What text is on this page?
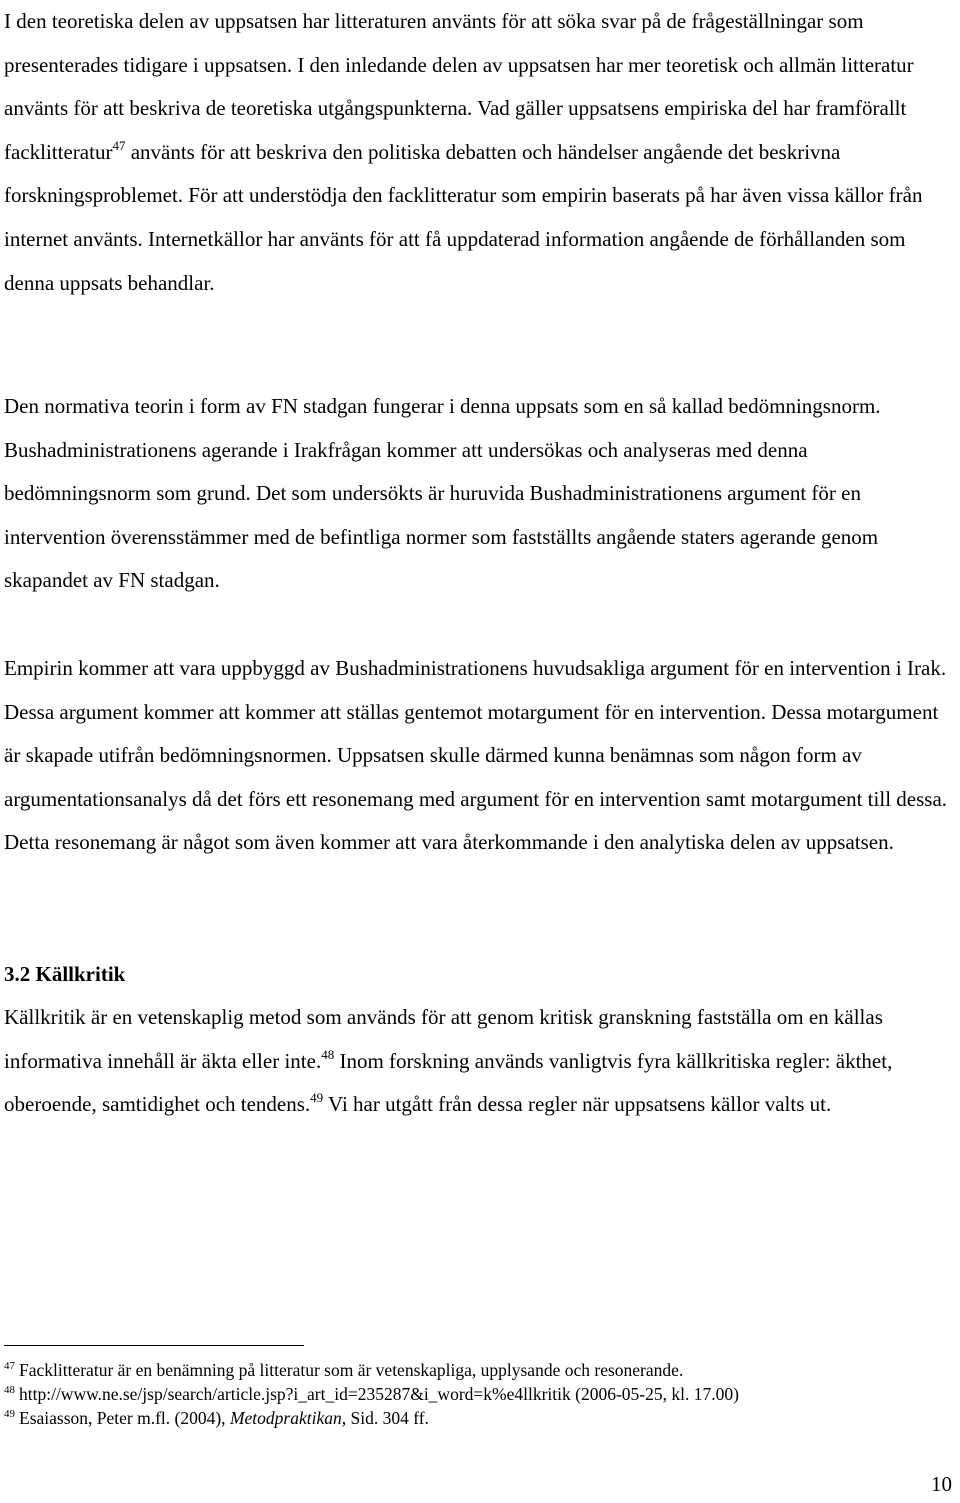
I den teoretiska delen av uppsatsen har litteraturen använts för att söka svar på de frågeställningar som presenterades tidigare i uppsatsen. I den inledande delen av uppsatsen har mer teoretisk och allmän litteratur använts för att beskriva de teoretiska utgångspunkterna. Vad gäller uppsatsens empiriska del har framförallt facklitteratur$^{47}$ använts för att beskriva den politiska debatten och händelser angående det beskrivna forskningsproblemet. För att understödja den facklitteratur som empirin baserats på har även vissa källor från internet använts. Internetkällor har använts för att få uppdaterad information angående de förhållanden som denna uppsats behandlar.

Den normativa teorin i form av FN stadgan fungerar i denna uppsats som en så kallad bedömningsnorm. Bushadministrationens agerande i Irakfrågan kommer att undersökas och analyseras med denna bedömningsnorm som grund. Det som undersökts är huruvida Bushadministrationens argument för en intervention överensstämmer med de befintliga normer som fastställts angående staters agerande genom skapandet av FN stadgan.

Empirin kommer att vara uppbyggd av Bushadministrationens huvudsakliga argument för en intervention i Irak. Dessa argument kommer att kommer att ställas gentemot motargument för en intervention. Dessa motargument är skapade utifrån bedömningsnormen. Uppsatsen skulle därmed kunna benämnas som någon form av argumentationsanalys då det förs ett resonemang med argument för en intervention samt motargument till dessa. Detta resonemang är något som även kommer att vara återkommande i den analytiska delen av uppsatsen.

3.2 Källkritik

Källkritik är en vetenskaplig metod som används för att genom kritisk granskning fastställa om en källas informativa innehåll är äkta eller inte.$^{48}$ Inom forskning används vanligtvis fyra källkritiska regler: äkthet, oberoende, samtidighet och tendens.$^{49}$ Vi har utgått från dessa regler när uppsatsens källor valts ut.

$^{47}$ Facklitteratur är en benämning på litteratur som är vetenskapliga, upplysande och resonerande.

$^{48}$ http://www.ne.se/jsp/search/article.jsp?i_art_id=235287&i_word=k%e4llkritik (2006-05-25, kl. 17.00)

$^{49}$ Esaiasson, Peter m.fl. (2004), Metodpraktikan, Sid. 304 ff.

10
